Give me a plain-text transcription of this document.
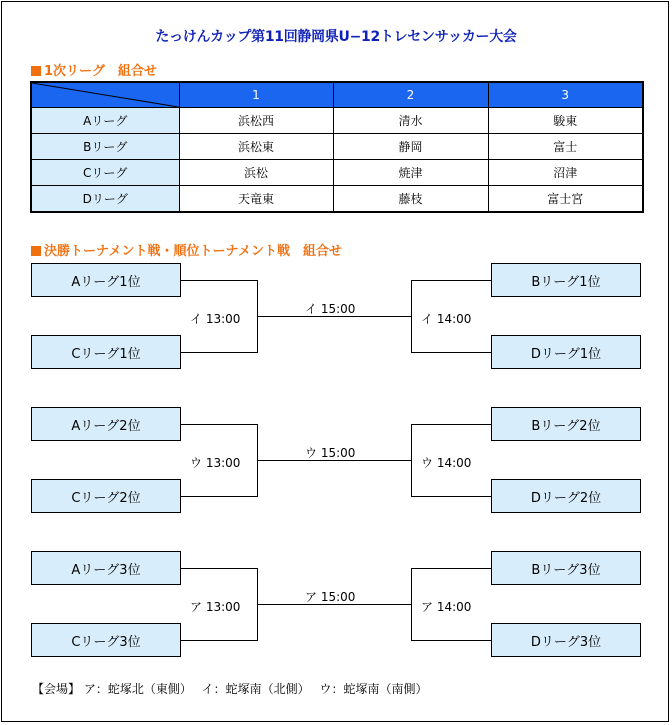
たっけんカップ第11回静岡県U−12トレセンサッカー大会
1次リーグ　組合せ
	1	2	3
Aリーグ	浜松西	清水	駿東
Bリーグ	浜松東	静岡	富士
Cリーグ	浜松	焼津	沼津
Dリーグ	天竜東	藤枝	富士宮
決勝トーナメント戦・順位トーナメント戦　組合せ
Aリーグ1位
Cリーグ1位
Bリーグ1位
Dリーグ1位
イ 13:00
イ 15:00
イ 14:00
Aリーグ2位
Cリーグ2位
Bリーグ2位
Dリーグ2位
ウ 13:00
ウ 15:00
ウ 14:00
Aリーグ3位
Cリーグ3位
Bリーグ3位
Dリーグ3位
ア 13:00
ア 15:00
ア 14:00
【会場】 ア：蛇塚北（東側）　 イ：蛇塚南（北側）　 ウ：蛇塚南（南側）
